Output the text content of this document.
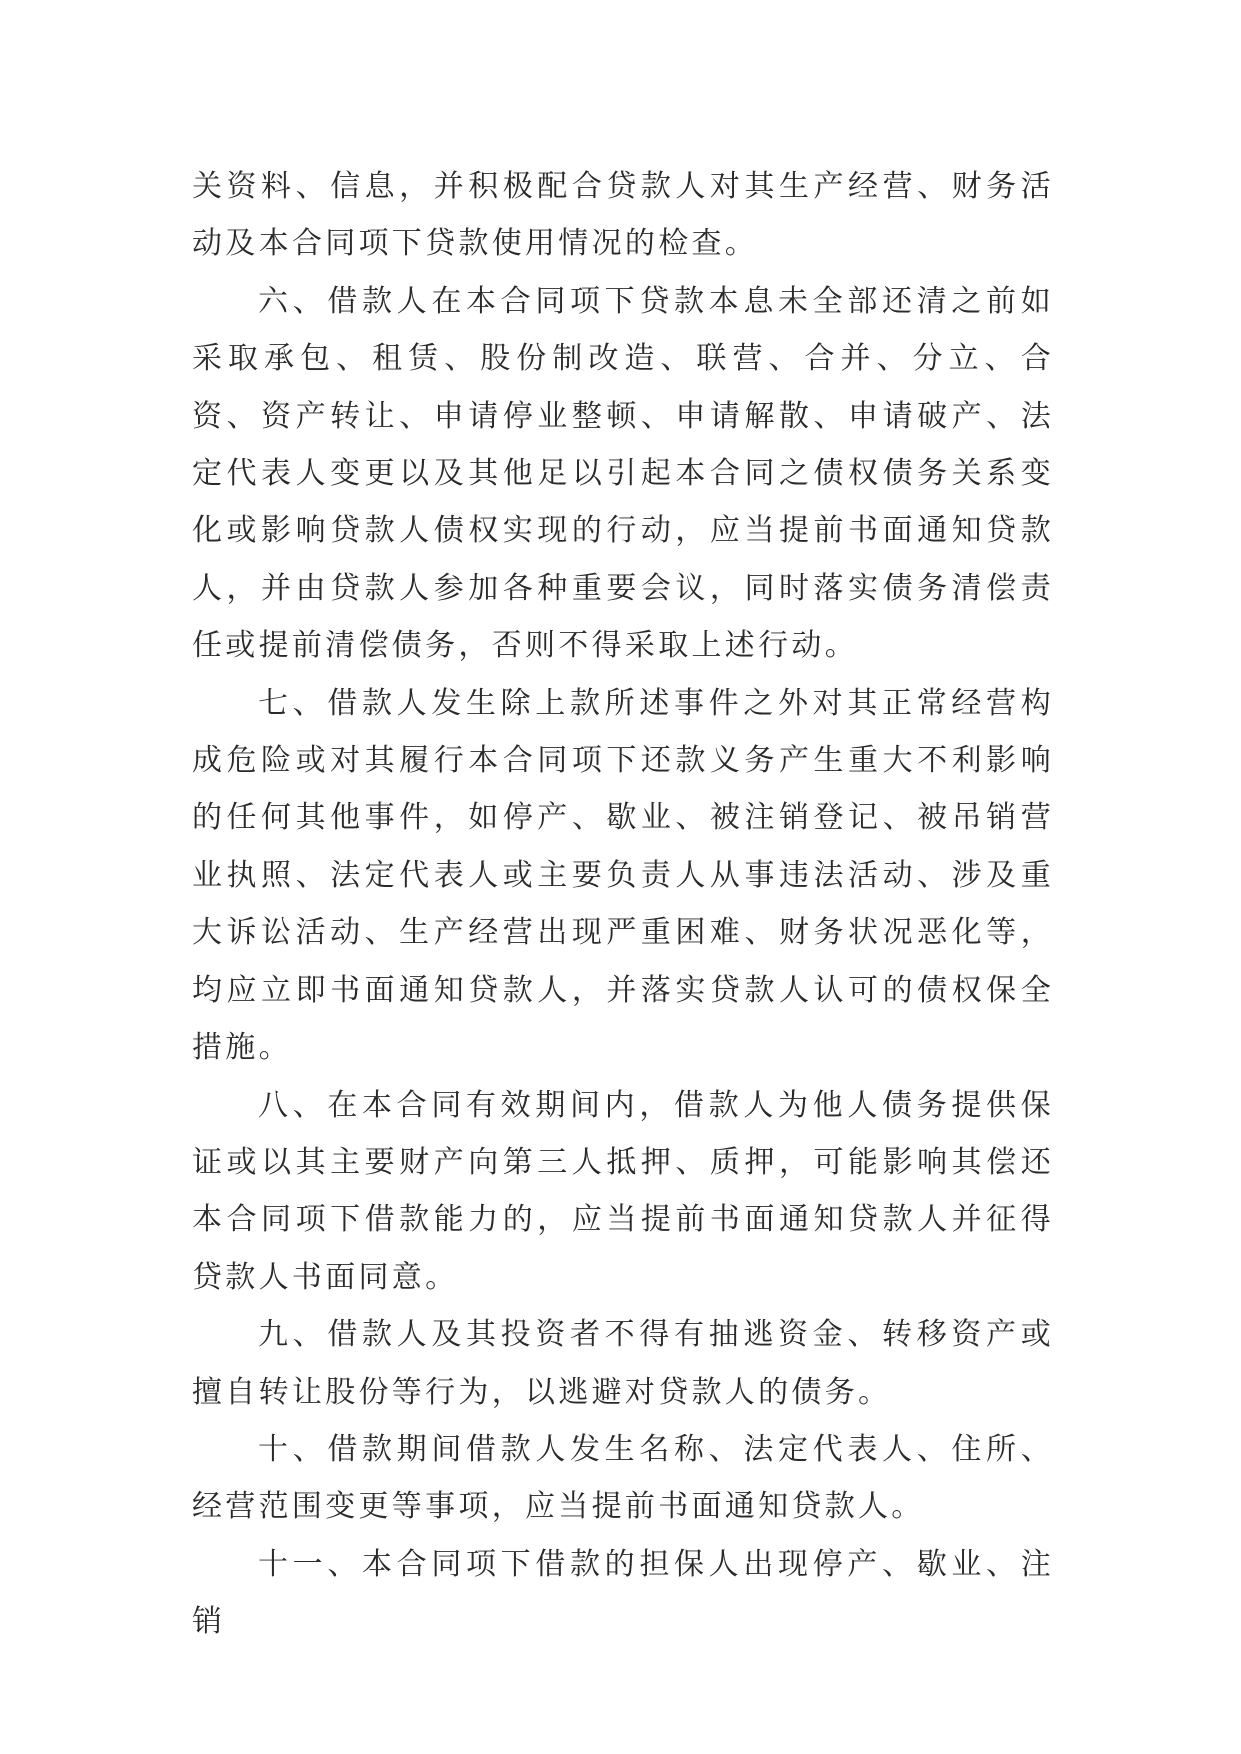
关资料、信息，并积极配合贷款人对其生产经营、财务活动及本合同项下贷款使用情况的检查。

六、借款人在本合同项下贷款本息未全部还清之前如采取承包、租赁、股份制改造、联营、合并、分立、合资、资产转让、申请停业整顿、申请解散、申请破产、法定代表人变更以及其他足以引起本合同之债权债务关系变化或影响贷款人债权实现的行动，应当提前书面通知贷款人，并由贷款人参加各种重要会议，同时落实债务清偿责任或提前清偿债务，否则不得采取上述行动。

七、借款人发生除上款所述事件之外对其正常经营构成危险或对其履行本合同项下还款义务产生重大不利影响的任何其他事件，如停产、歇业、被注销登记、被吊销营业执照、法定代表人或主要负责人从事违法活动、涉及重大诉讼活动、生产经营出现严重困难、财务状况恶化等，均应立即书面通知贷款人，并落实贷款人认可的债权保全措施。

八、在本合同有效期间内，借款人为他人债务提供保证或以其主要财产向第三人抵押、质押，可能影响其偿还本合同项下借款能力的，应当提前书面通知贷款人并征得贷款人书面同意。

九、借款人及其投资者不得有抽逃资金、转移资产或擅自转让股份等行为，以逃避对贷款人的债务。

十、借款期间借款人发生名称、法定代表人、住所、经营范围变更等事项，应当提前书面通知贷款人。

十一、本合同项下借款的担保人出现停产、歇业、注销
